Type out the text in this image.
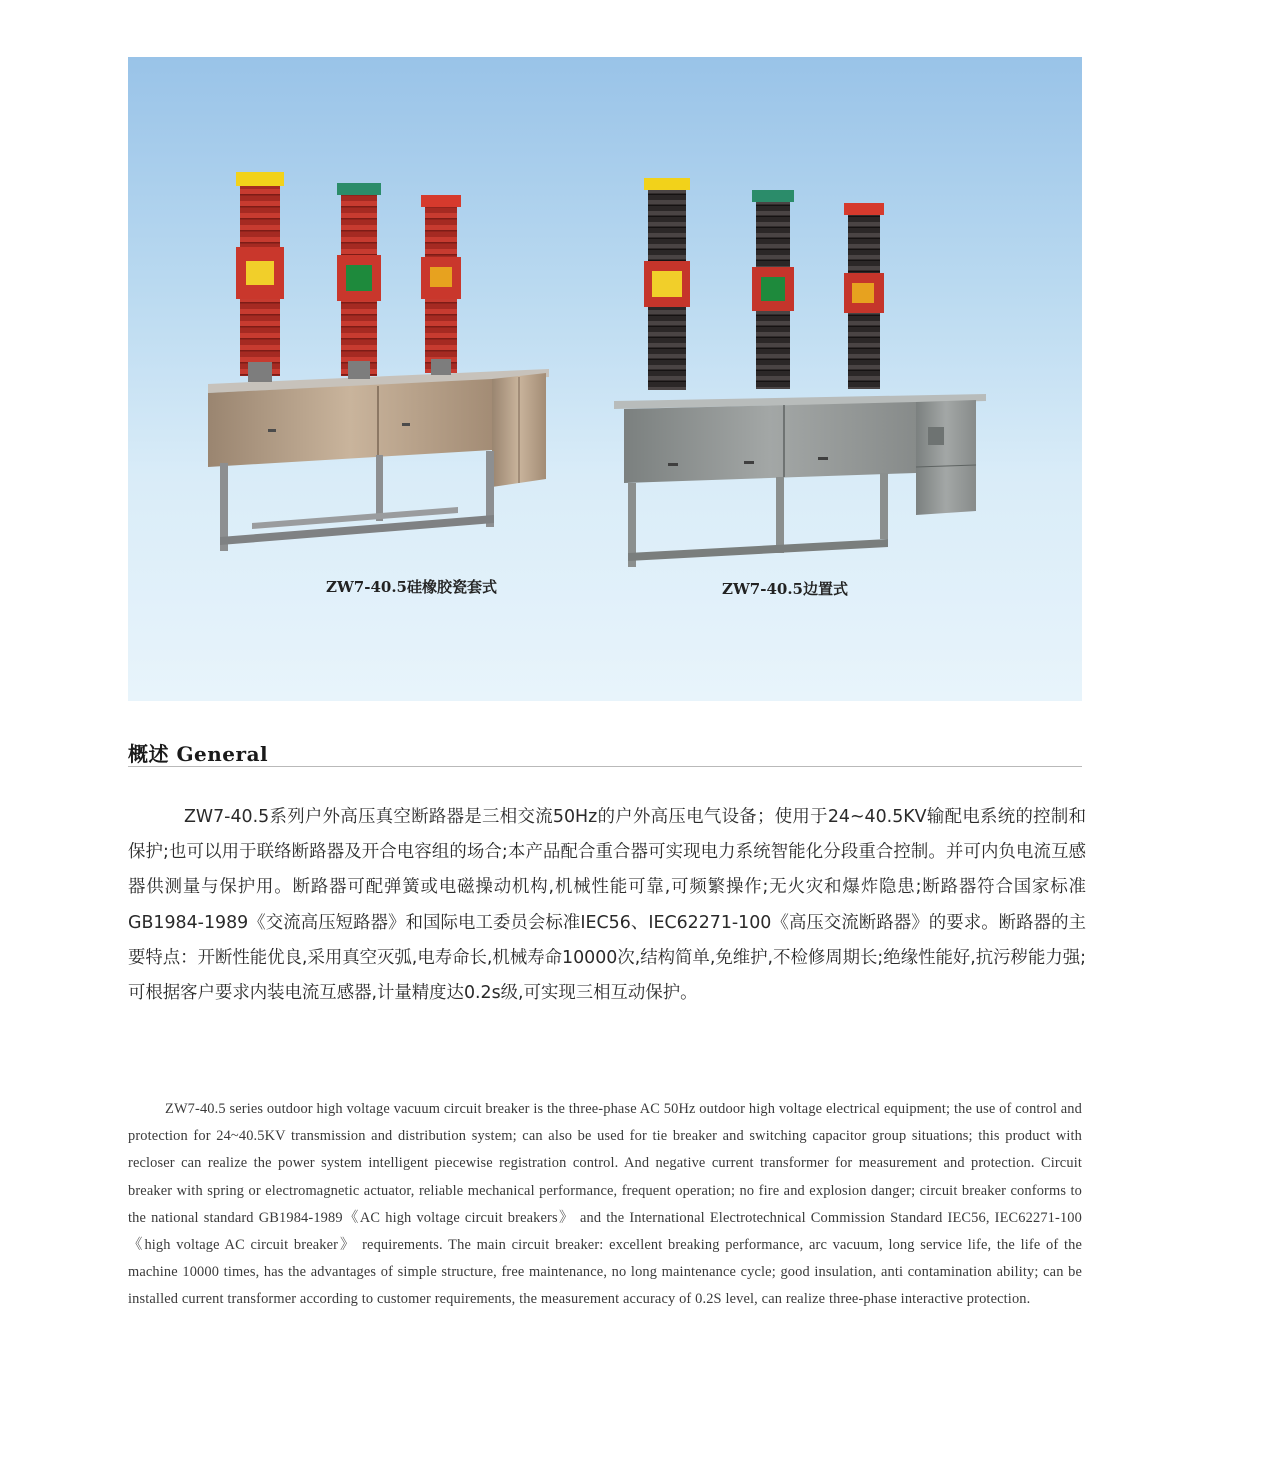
ZW7-40.5硅橡胶瓷套式	ZW7-40.5边置式
概述 General

ZW7-40.5系列户外高压真空断路器是三相交流50Hz的户外高压电气设备；使用于24~40.5KV输配电系统的控制和保护;也可以用于联络断路器及开合电容组的场合;本产品配合重合器可实现电力系统智能化分段重合控制。并可内负电流互感器供测量与保护用。断路器可配弹簧或电磁操动机构,机械性能可靠,可频繁操作;无火灾和爆炸隐患;断路器符合国家标准GB1984-1989《交流高压短路器》和国际电工委员会标准IEC56、IEC62271-100《高压交流断路器》的要求。断路器的主要特点：开断性能优良,采用真空灭弧,电寿命长,机械寿命10000次,结构简单,免维护,不检修周期长;绝缘性能好,抗污秽能力强;可根据客户要求内装电流互感器,计量精度达0.2s级,可实现三相互动保护。

ZW7-40.5 series outdoor high voltage vacuum circuit breaker is the three-phase AC 50Hz outdoor high voltage electrical equipment; the use of control and protection for 24~40.5KV transmission and distribution system; can also be used for tie breaker and switching capacitor group situations; this product with recloser can realize the power system intelligent piecewise registration control. And negative current transformer for measurement and protection. Circuit breaker with spring or electromagnetic actuator, reliable mechanical performance, frequent operation; no fire and explosion danger; circuit breaker conforms to the national standard GB1984-1989《AC high voltage circuit breakers》 and the International Electrotechnical Commission Standard IEC56, IEC62271-100 《high voltage AC circuit breaker》 requirements. The main circuit breaker: excellent breaking performance, arc vacuum, long service life, the life of the machine 10000 times, has the advantages of simple structure, free maintenance, no long maintenance cycle; good insulation, anti contamination ability; can be installed current transformer according to customer requirements, the measurement accuracy of 0.2S level, can realize three-phase interactive protection.
